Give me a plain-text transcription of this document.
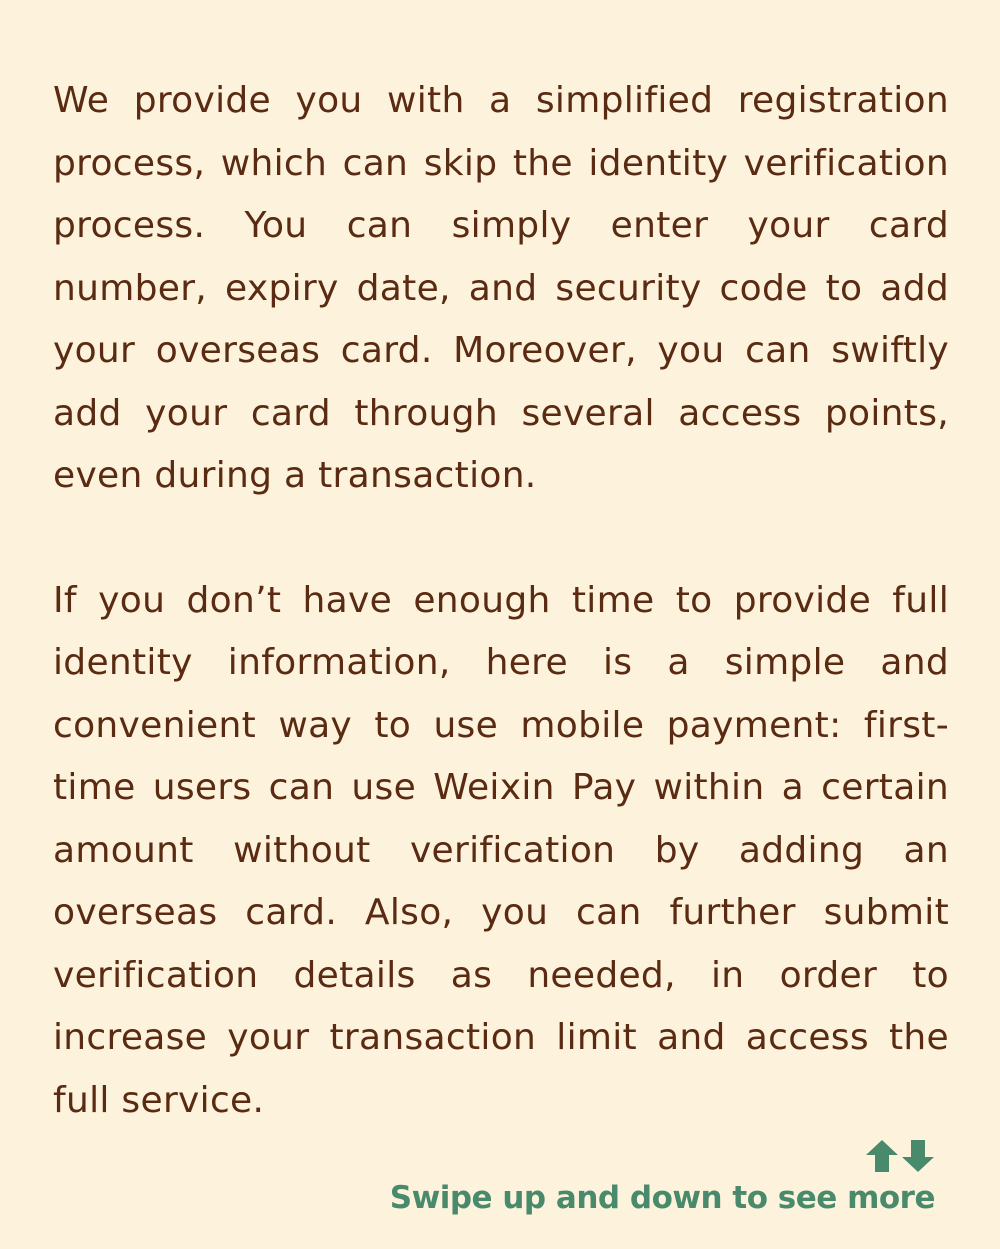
We provide you with a simplified registration process, which can skip the identity verification process. You can simply enter your card number, expiry date, and security code to add your overseas card. Moreover, you can swiftly add your card through several access points, even during a transaction.

If you don’t have enough time to provide full identity information, here is a simple and convenient way to use mobile payment: first-time users can use Weixin Pay within a certain amount without verification by adding an overseas card. Also, you can further submit verification details as needed, in order to increase your transaction limit and access the full service.

Swipe up and down to see more
